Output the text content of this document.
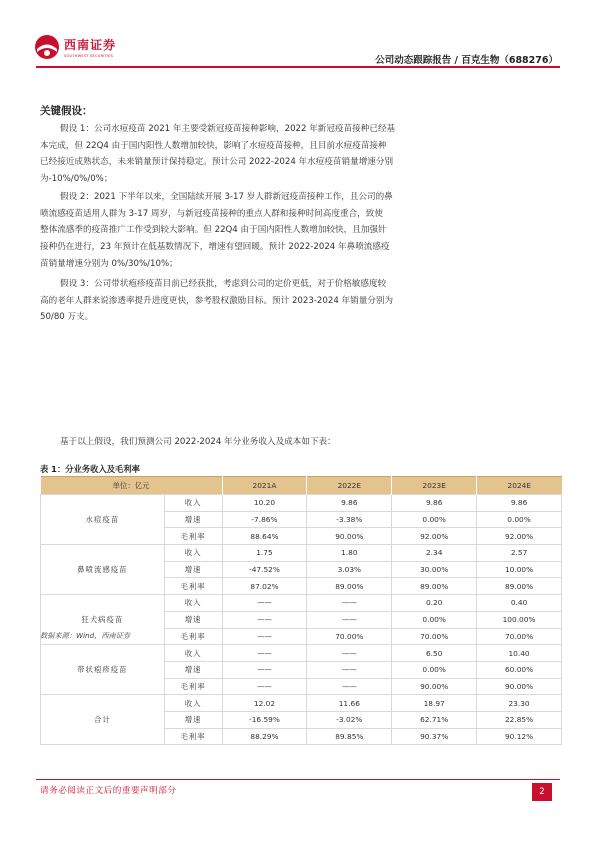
西南证券
SOUTHWEST SECURITIES	公司动态跟踪报告 / 百克生物（688276）
关键假设：
假设 1：公司水痘疫苗 2021 年主要受新冠疫苗接种影响，2022 年新冠疫苗接种已经基
本完成，但 22Q4 由于国内阳性人数增加较快，影响了水痘疫苗接种，且目前水痘疫苗接种
已经接近成熟状态，未来销量预计保持稳定。预计公司 2022-2024 年水痘疫苗销量增速分别
为-10%/0%/0%；
假设 2：2021 下半年以来，全国陆续开展 3-17 岁人群新冠疫苗接种工作，且公司的鼻
喷流感疫苗适用人群为 3-17 周岁，与新冠疫苗接种的重点人群和接种时间高度重合，致使
整体流感季的疫苗推广工作受到较大影响。但 22Q4 由于国内阳性人数增加较快，且加强针
接种仍在进行，23 年预计在低基数情况下，增速有望回暖。预计 2022-2024 年鼻喷流感疫
苗销量增速分别为 0%/30%/10%；
假设 3：公司带状疱疹疫苗目前已经获批，考虑到公司的定价更低，对于价格敏感度较
高的老年人群来说渗透率提升进度更快，参考股权激励目标。预计 2023-2024 年销量分别为
50/80 万支。
基于以上假设，我们预测公司 2022-2024 年分业务收入及成本如下表：
表 1：分业务收入及毛利率
单位：亿元		2021A	2022E	2023E	2024E
水痘疫苗	收入	10.20	9.86	9.86	9.86
	增速	-7.86%	-3.38%	0.00%	0.00%
	毛利率	88.64%	90.00%	92.00%	92.00%
鼻喷流感疫苗	收入	1.75	1.80	2.34	2.57
	增速	-47.52%	3.03%	30.00%	10.00%
	毛利率	87.02%	89.00%	89.00%	89.00%
狂犬病疫苗	收入	——	——	0.20	0.40
	增速	——	——	0.00%	100.00%
	毛利率	——	70.00%	70.00%	70.00%
带状疱疹疫苗	收入	——	——	6.50	10.40
	增速	——	——	0.00%	60.00%
	毛利率	——	——	90.00%	90.00%
合计	收入	12.02	11.66	18.97	23.30
	增速	-16.59%	-3.02%	62.71%	22.85%
	毛利率	88.29%	89.85%	90.37%	90.12%
数据来源：Wind，西南证券
请务必阅读正文后的重要声明部分	2
